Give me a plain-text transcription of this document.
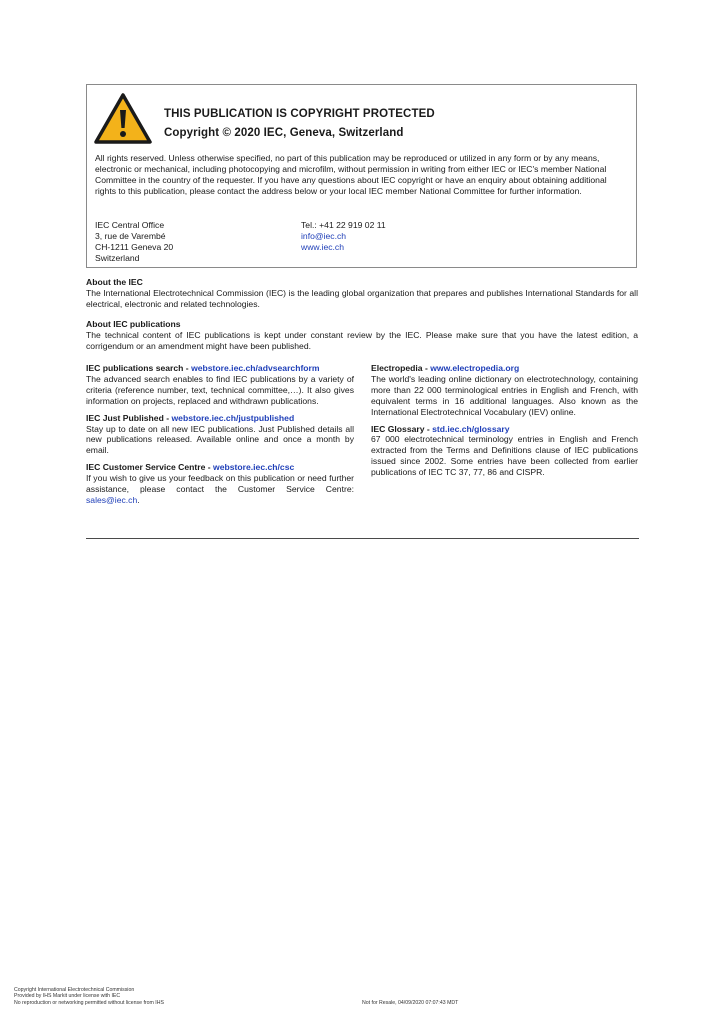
THIS PUBLICATION IS COPYRIGHT PROTECTED
Copyright © 2020 IEC, Geneva, Switzerland
All rights reserved. Unless otherwise specified, no part of this publication may be reproduced or utilized in any form or by any means, electronic or mechanical, including photocopying and microfilm, without permission in writing from either IEC or IEC's member National Committee in the country of the requester. If you have any questions about IEC copyright or have an enquiry about obtaining additional rights to this publication, please contact the address below or your local IEC member National Committee for further information.
IEC Central Office
3, rue de Varembé
CH-1211 Geneva 20
Switzerland
Tel.: +41 22 919 02 11
info@iec.ch
www.iec.ch
About the IEC
The International Electrotechnical Commission (IEC) is the leading global organization that prepares and publishes International Standards for all electrical, electronic and related technologies.
About IEC publications
The technical content of IEC publications is kept under constant review by the IEC. Please make sure that you have the latest edition, a corrigendum or an amendment might have been published.
IEC publications search - webstore.iec.ch/advsearchform
The advanced search enables to find IEC publications by a variety of criteria (reference number, text, technical committee,…). It also gives information on projects, replaced and withdrawn publications.
IEC Just Published - webstore.iec.ch/justpublished
Stay up to date on all new IEC publications. Just Published details all new publications released. Available online and once a month by email.
IEC Customer Service Centre - webstore.iec.ch/csc
If you wish to give us your feedback on this publication or need further assistance, please contact the Customer Service Centre: sales@iec.ch.
Electropedia - www.electropedia.org
The world's leading online dictionary on electrotechnology, containing more than 22 000 terminological entries in English and French, with equivalent terms in 16 additional languages. Also known as the International Electrotechnical Vocabulary (IEV) online.
IEC Glossary - std.iec.ch/glossary
67 000 electrotechnical terminology entries in English and French extracted from the Terms and Definitions clause of IEC publications issued since 2002. Some entries have been collected from earlier publications of IEC TC 37, 77, 86 and CISPR.
Copyright International Electrotechnical Commission
Provided by IHS Markit under license with IEC
No reproduction or networking permitted without license from IHS	Not for Resale, 04/09/2020 07:07:43 MDT
